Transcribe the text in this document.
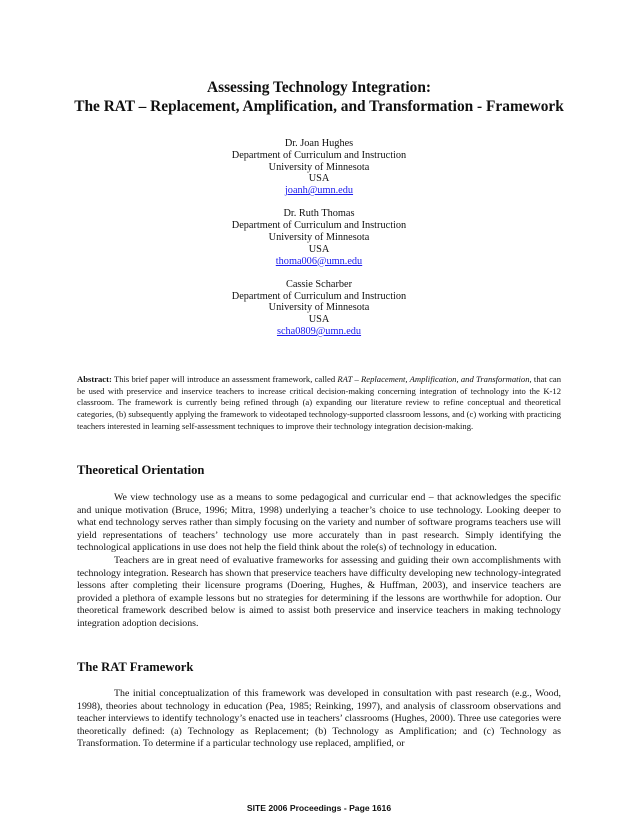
Assessing Technology Integration:

The RAT – Replacement, Amplification, and Transformation - Framework

Dr. Joan Hughes
Department of Curriculum and Instruction
University of Minnesota
USA
joanh@umn.edu
Dr. Ruth Thomas
Department of Curriculum and Instruction
University of Minnesota
USA
thoma006@umn.edu
Cassie Scharber
Department of Curriculum and Instruction
University of Minnesota
USA
scha0809@umn.edu

Abstract: This brief paper will introduce an assessment framework, called RAT – Replacement, Amplification, and Transformation, that can be used with preservice and inservice teachers to increase critical decision-making concerning integration of technology into the K-12 classroom. The framework is currently being refined through (a) expanding our literature review to refine conceptual and theoretical categories, (b) subsequently applying the framework to videotaped technology-supported classroom lessons, and (c) working with practicing teachers interested in learning self-assessment techniques to improve their technology integration decision-making.

Theoretical Orientation

We view technology use as a means to some pedagogical and curricular end – that acknowledges the specific and unique motivation (Bruce, 1996; Mitra, 1998) underlying a teacher’s choice to use technology. Looking deeper to what end technology serves rather than simply focusing on the variety and number of software programs teachers use will yield representations of teachers’ technology use more accurately than in past research. Simply identifying the technological applications in use does not help the field think about the role(s) of technology in education.

Teachers are in great need of evaluative frameworks for assessing and guiding their own accomplishments with technology integration. Research has shown that preservice teachers have difficulty developing new technology-integrated lessons after completing their licensure programs (Doering, Hughes, & Huffman, 2003), and inservice teachers are provided a plethora of example lessons but no strategies for determining if the lessons are worthwhile for adoption. Our theoretical framework described below is aimed to assist both preservice and inservice teachers in making technology integration adoption decisions.

The RAT Framework

The initial conceptualization of this framework was developed in consultation with past research (e.g., Wood, 1998), theories about technology in education (Pea, 1985; Reinking, 1997), and analysis of classroom observations and teacher interviews to identify technology’s enacted use in teachers’ classrooms (Hughes, 2000). Three use categories were theoretically defined: (a) Technology as Replacement; (b) Technology as Amplification; and (c) Technology as Transformation. To determine if a particular technology use replaced, amplified, or

SITE 2006 Proceedings - Page 1616
